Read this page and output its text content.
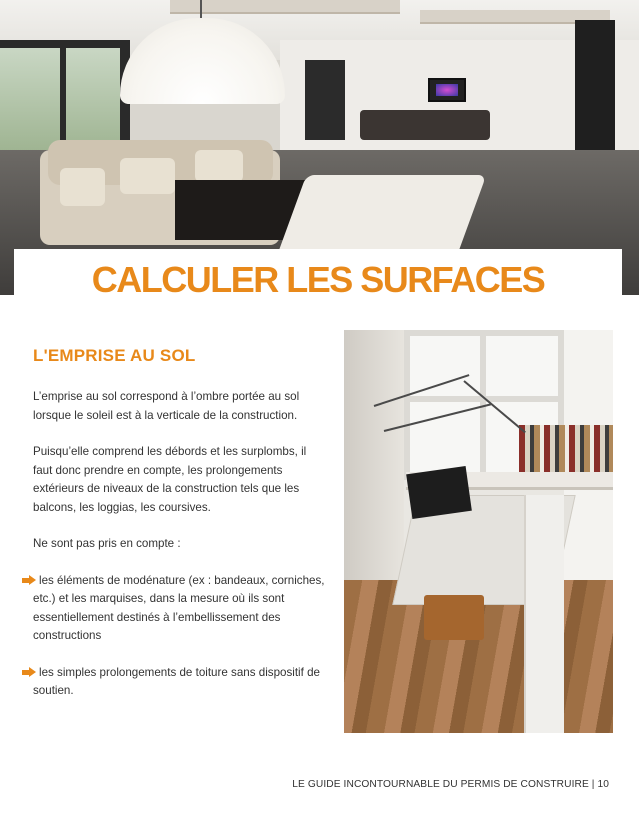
CALCULER LES SURFACES
L'EMPRISE AU SOL

L’emprise au sol correspond à l’ombre portée au sol lorsque le soleil est à la verticale de la construction.

Puisqu’elle comprend les débords et les surplombs, il faut donc prendre en compte, les prolongements extérieurs de niveaux de la construction tels que les balcons, les loggias, les coursives.

Ne sont pas pris en compte :

les éléments de modénature (ex : bandeaux, corniches, etc.) et les marquises, dans la mesure où ils sont essentiellement destinés à l’embellissement des constructions

les simples prolongements de toiture sans dispositif de soutien.

LE GUIDE INCONTOURNABLE DU PERMIS DE CONSTRUIRE | 10
